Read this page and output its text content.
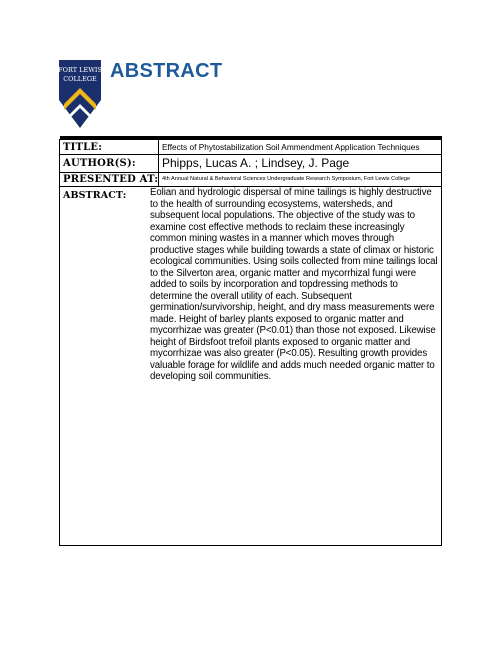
FORT LEWIS
COLLEGE ABSTRACT
TITLE:	Effects of Phytostabilization Soil Ammendment Application Techniques
AUTHOR(S): Phipps, Lucas A. ; Lindsey, J. Page
PRESENTED AT: 4th Annual Natural & Behavioral Sciences Undergraduate Research Symposium, Fort Lewis College
ABSTRACT: Eolian and hydrologic dispersal of mine tailings is highly destructive to the health of surrounding ecosystems, watersheds, and subsequent local populations. The objective of the study was to examine cost effective methods to reclaim these increasingly common mining wastes in a manner which moves through productive stages while building towards a state of climax or historic ecological communities. Using soils collected from mine tailings local to the Silverton area, organic matter and mycorrhizal fungi were added to soils by incorporation and topdressing methods to determine the overall utility of each. Subsequent germination/survivorship, height, and dry mass measurements were made. Height of barley plants exposed to organic matter and mycorrhizae was greater (P<0.01) than those not exposed. Likewise height of Birdsfoot trefoil plants exposed to organic matter and mycorrhizae was also greater (P<0.05). Resulting growth provides valuable forage for wildlife and adds much needed organic matter to developing soil communities.
